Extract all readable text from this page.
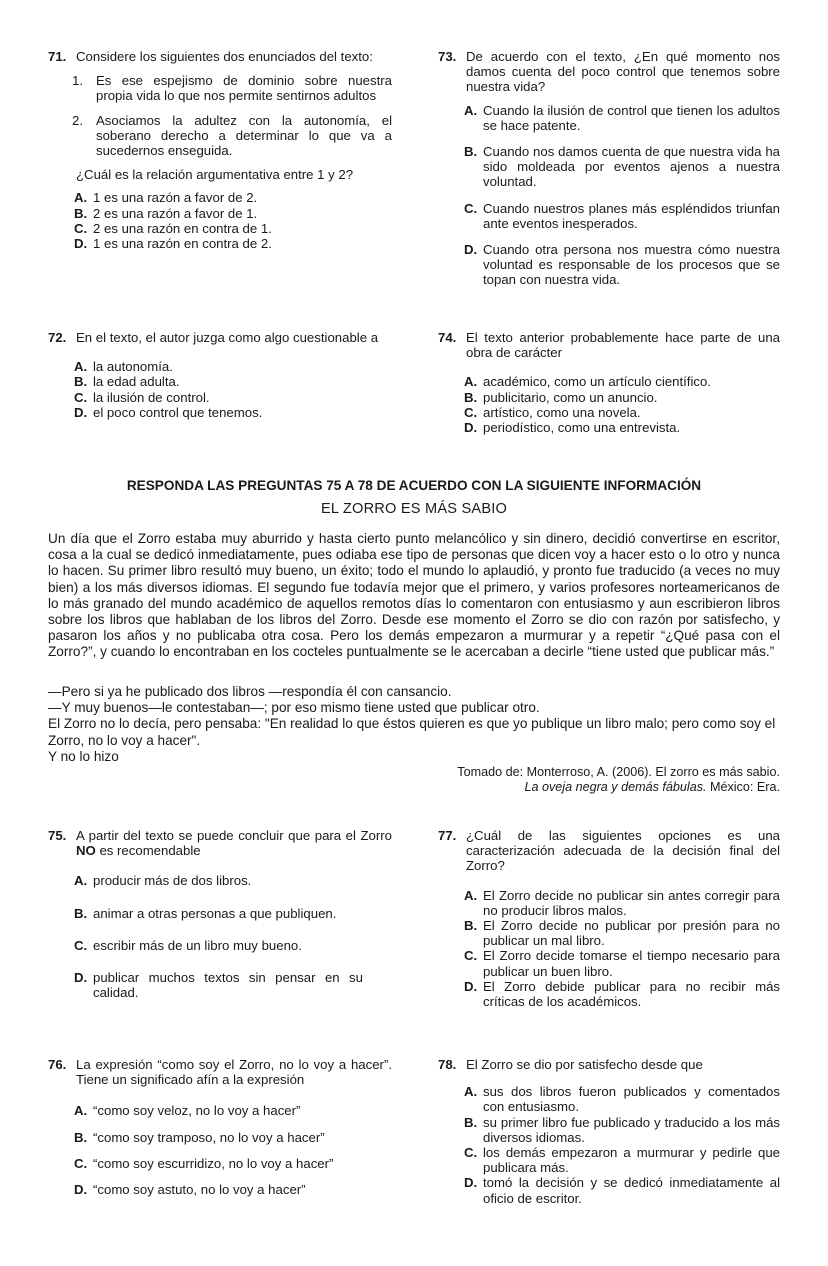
71. Considere los siguientes dos enunciados del texto:
1. Es ese espejismo de dominio sobre nuestra propia vida lo que nos permite sentirnos adultos
2. Asociamos la adultez con la autonomía, el soberano derecho a determinar lo que va a sucedernos enseguida.
¿Cuál es la relación argumentativa entre 1 y 2?
A. 1 es una razón a favor de 2.
B. 2 es una razón a favor de 1.
C. 2 es una razón en contra de 1.
D. 1 es una razón en contra de 2.
73. De acuerdo con el texto, ¿En qué momento nos damos cuenta del poco control que tenemos sobre nuestra vida?
A. Cuando la ilusión de control que tienen los adultos se hace patente.
B. Cuando nos damos cuenta de que nuestra vida ha sido moldeada por eventos ajenos a nuestra voluntad.
C. Cuando nuestros planes más espléndidos triunfan ante eventos inesperados.
D. Cuando otra persona nos muestra cómo nuestra voluntad es responsable de los procesos que se topan con nuestra vida.
72. En el texto, el autor juzga como algo cuestionable a
A. la autonomía.
B. la edad adulta.
C. la ilusión de control.
D. el poco control que tenemos.
74. El texto anterior probablemente hace parte de una obra de carácter
A. académico, como un artículo científico.
B. publicitario, como un anuncio.
C. artístico, como una novela.
D. periodístico, como una entrevista.
RESPONDA LAS PREGUNTAS 75 A 78 DE ACUERDO CON LA SIGUIENTE INFORMACIÓN
EL ZORRO ES MÁS SABIO
Un día que el Zorro estaba muy aburrido y hasta cierto punto melancólico y sin dinero, decidió convertirse en escritor, cosa a la cual se dedicó inmediatamente, pues odiaba ese tipo de personas que dicen voy a hacer esto o lo otro y nunca lo hacen. Su primer libro resultó muy bueno, un éxito; todo el mundo lo aplaudió, y pronto fue traducido (a veces no muy bien) a los más diversos idiomas. El segundo fue todavía mejor que el primero, y varios profesores norteamericanos de lo más granado del mundo académico de aquellos remotos días lo comentaron con entusiasmo y aun escribieron libros sobre los libros que hablaban de los libros del Zorro. Desde ese momento el Zorro se dio con razón por satisfecho, y pasaron los años y no publicaba otra cosa. Pero los demás empezaron a murmurar y a repetir “¿Qué pasa con el Zorro?”, y cuando lo encontraban en los cocteles puntualmente se le acercaban a decirle “tiene usted que publicar más.”
—Pero si ya he publicado dos libros —respondía él con cansancio.
—Y muy buenos—le contestaban—; por eso mismo tiene usted que publicar otro.
El Zorro no lo decía, pero pensaba: "En realidad lo que éstos quieren es que yo publique un libro malo; pero como soy el Zorro, no lo voy a hacer".
Y no lo hizo
Tomado de: Monterroso, A. (2006). El zorro es más sabio.
La oveja negra y demás fábulas. México: Era.
75. A partir del texto se puede concluir que para el Zorro NO es recomendable
A. producir más de dos libros.
B. animar a otras personas a que publiquen.
C. escribir más de un libro muy bueno.
D. publicar muchos textos sin pensar en su calidad.
77. ¿Cuál de las siguientes opciones es una caracterización adecuada de la decisión final del Zorro?
A. El Zorro decide no publicar sin antes corregir para no producir libros malos.
B. El Zorro decide no publicar por presión para no publicar un mal libro.
C. El Zorro decide tomarse el tiempo necesario para publicar un buen libro.
D. El Zorro debide publicar para no recibir más críticas de los académicos.
76. La expresión “como soy el Zorro, no lo voy a hacer”. Tiene un significado afín a la expresión
A. “como soy veloz, no lo voy a hacer”
B. “como soy tramposo, no lo voy a hacer”
C. “como soy escurridizo, no lo voy a hacer”
D. “como soy astuto, no lo voy a hacer”
78. El Zorro se dio por satisfecho desde que
A. sus dos libros fueron publicados y comentados con entusiasmo.
B. su primer libro fue publicado y traducido a los más diversos idiomas.
C. los demás empezaron a murmurar y pedirle que publicara más.
D. tomó la decisión y se dedicó inmediatamente al oficio de escritor.
